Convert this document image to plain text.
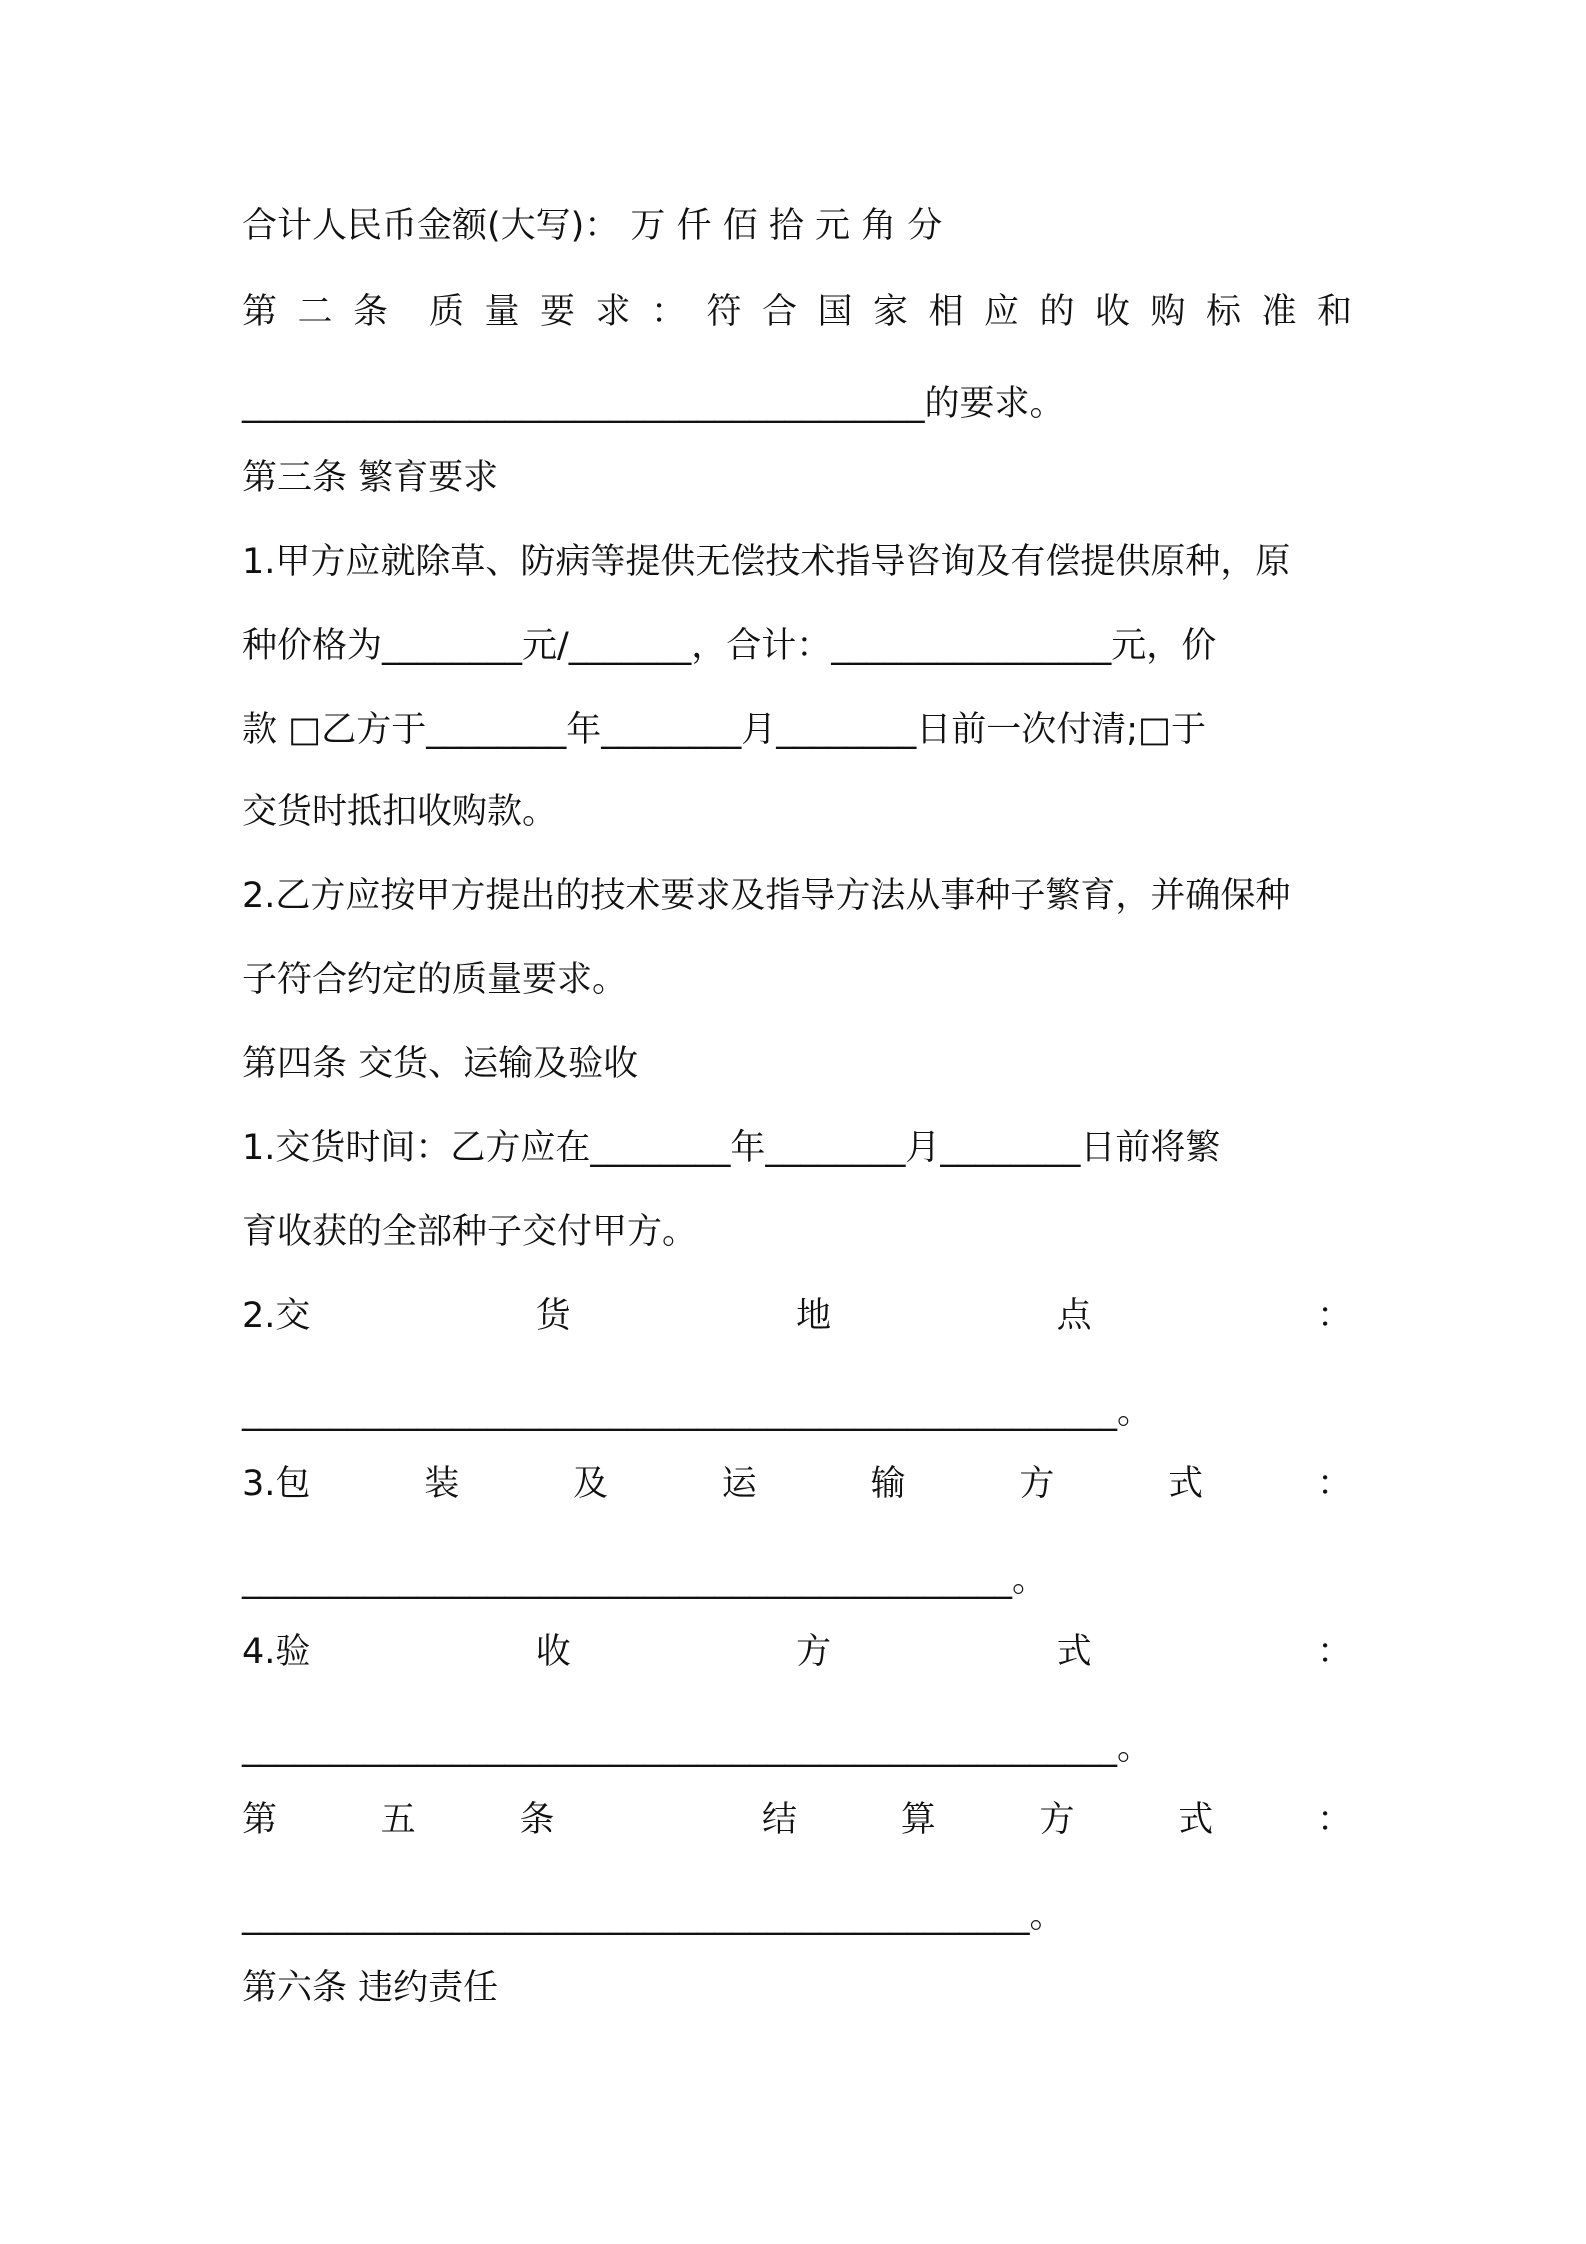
合计人民币金额(大写)： 万 仟 佰 拾 元 角 分
第 二 条 质 量 要 求 ： 符 合 国 家 相 应 的 收 购 标 准 和
_______________________________________的要求。
第三条 繁育要求
1.甲方应就除草、防病等提供无偿技术指导咨询及有偿提供原种，原
种价格为________元/_______，合计：________________元，价
款 □乙方于________年________月________日前一次付清;□于
交货时抵扣收购款。
2.乙方应按甲方提出的技术要求及指导方法从事种子繁育，并确保种
子符合约定的质量要求。
第四条 交货、运输及验收
1.交货时间：乙方应在________年________月________日前将繁
育收获的全部种子交付甲方。
2.交	货	地	点	：
__________________________________________________。
3.包	装	及	运	输	方	式	：
____________________________________________。
4.验	收	方	式	：
__________________________________________________。
第	五	条	结	算	方	式	：
_____________________________________________。
第六条 违约责任
